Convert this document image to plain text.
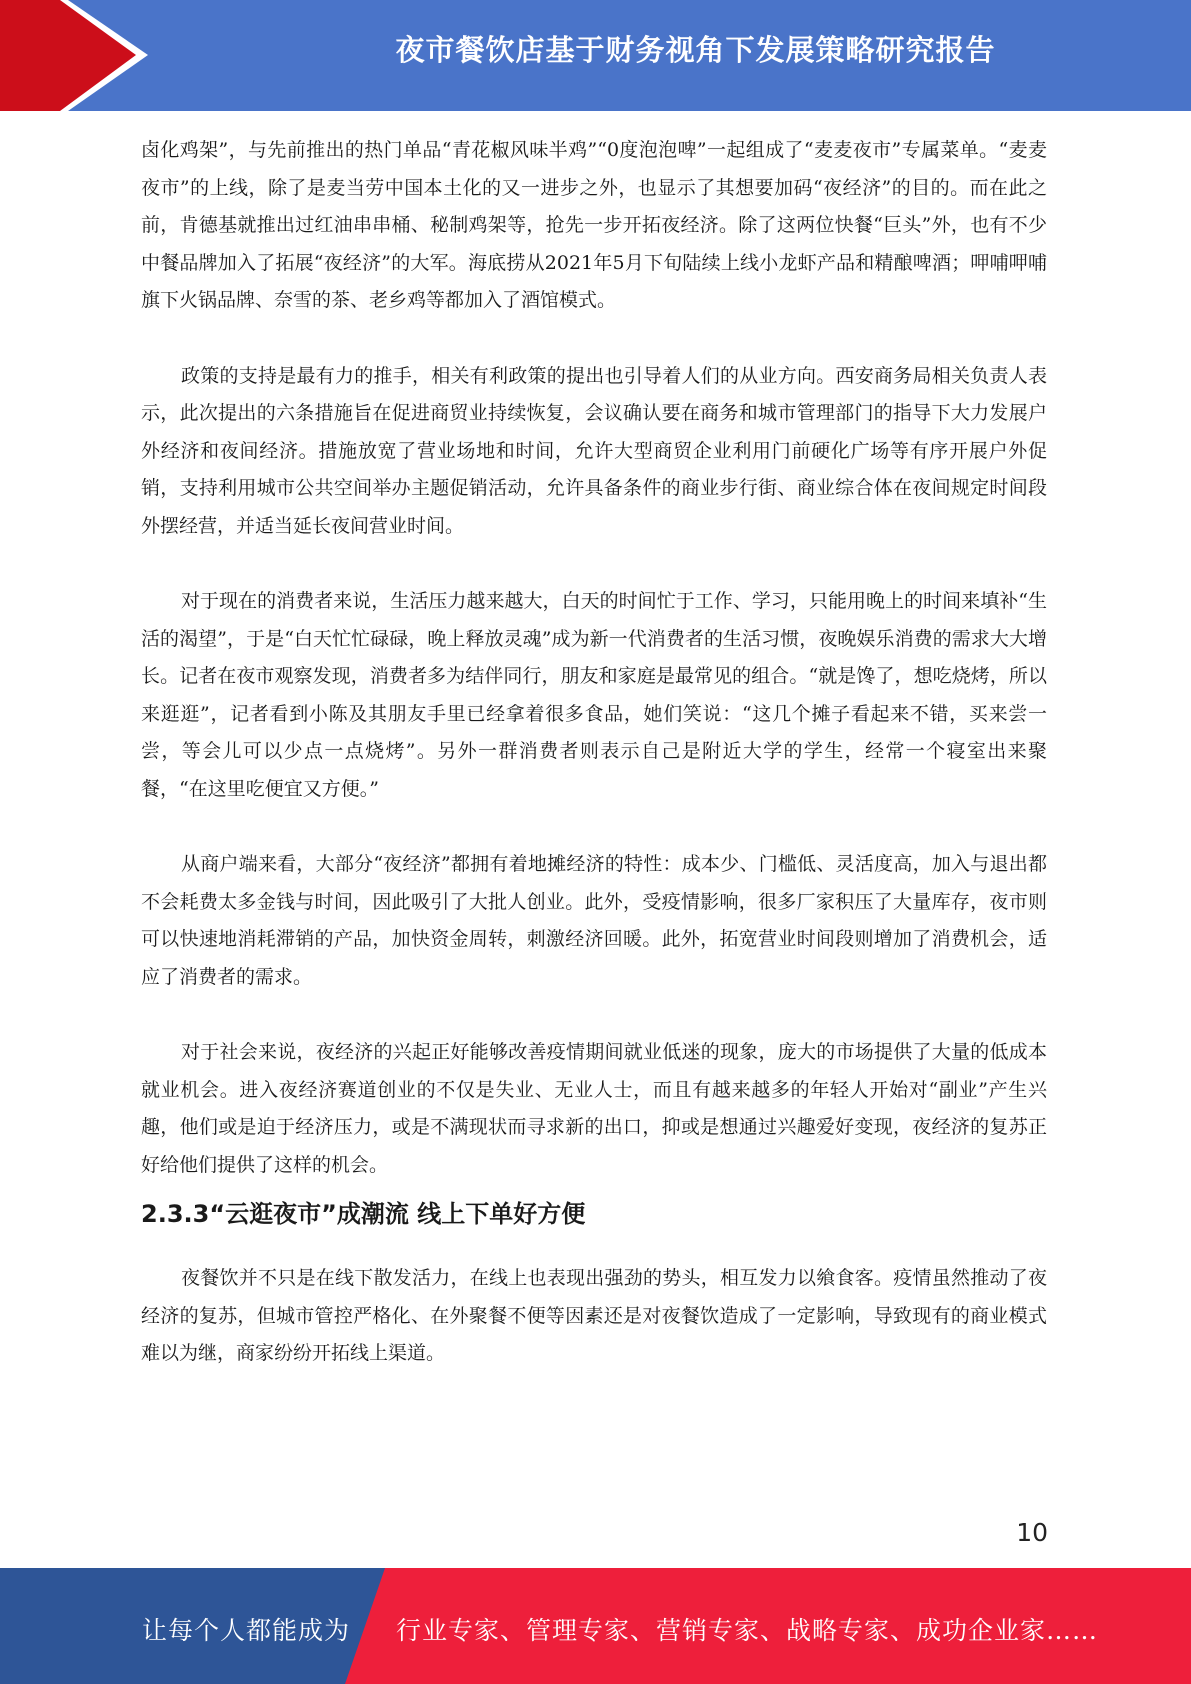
夜市餐饮店基于财务视角下发展策略研究报告

卤化鸡架”，与先前推出的热门单品“青花椒风味半鸡”“0度泡泡啤”一起组成了“麦麦夜市”专属菜单。“麦麦夜市”的上线，除了是麦当劳中国本土化的又一进步之外，也显示了其想要加码“夜经济”的目的。而在此之前，肯德基就推出过红油串串桶、秘制鸡架等，抢先一步开拓夜经济。除了这两位快餐“巨头”外，也有不少中餐品牌加入了拓展“夜经济”的大军。海底捞从2021年5月下旬陆续上线小龙虾产品和精酿啤酒；呷哺呷哺旗下火锅品牌、奈雪的茶、老乡鸡等都加入了酒馆模式。

政策的支持是最有力的推手，相关有利政策的提出也引导着人们的从业方向。西安商务局相关负责人表示，此次提出的六条措施旨在促进商贸业持续恢复，会议确认要在商务和城市管理部门的指导下大力发展户外经济和夜间经济。措施放宽了营业场地和时间，允许大型商贸企业利用门前硬化广场等有序开展户外促销，支持利用城市公共空间举办主题促销活动，允许具备条件的商业步行街、商业综合体在夜间规定时间段外摆经营，并适当延长夜间营业时间。

对于现在的消费者来说，生活压力越来越大，白天的时间忙于工作、学习，只能用晚上的时间来填补“生活的渴望”，于是“白天忙忙碌碌，晚上释放灵魂”成为新一代消费者的生活习惯，夜晚娱乐消费的需求大大增长。记者在夜市观察发现，消费者多为结伴同行，朋友和家庭是最常见的组合。“就是馋了，想吃烧烤，所以来逛逛”，记者看到小陈及其朋友手里已经拿着很多食品，她们笑说：“这几个摊子看起来不错，买来尝一尝，等会儿可以少点一点烧烤”。另外一群消费者则表示自己是附近大学的学生，经常一个寝室出来聚餐，“在这里吃便宜又方便。”

从商户端来看，大部分“夜经济”都拥有着地摊经济的特性：成本少、门槛低、灵活度高，加入与退出都不会耗费太多金钱与时间，因此吸引了大批人创业。此外，受疫情影响，很多厂家积压了大量库存，夜市则可以快速地消耗滞销的产品，加快资金周转，刺激经济回暖。此外，拓宽营业时间段则增加了消费机会，适应了消费者的需求。

对于社会来说，夜经济的兴起正好能够改善疫情期间就业低迷的现象，庞大的市场提供了大量的低成本就业机会。进入夜经济赛道创业的不仅是失业、无业人士，而且有越来越多的年轻人开始对“副业”产生兴趣，他们或是迫于经济压力，或是不满现状而寻求新的出口，抑或是想通过兴趣爱好变现，夜经济的复苏正好给他们提供了这样的机会。

2.3.3“云逛夜市”成潮流 线上下单好方便

夜餐饮并不只是在线下散发活力，在线上也表现出强劲的势头，相互发力以飨食客。疫情虽然推动了夜经济的复苏，但城市管控严格化、在外聚餐不便等因素还是对夜餐饮造成了一定影响，导致现有的商业模式难以为继，商家纷纷开拓线上渠道。

10
让每个人都能成为 行业专家、管理专家、营销专家、战略专家、成功企业家……
